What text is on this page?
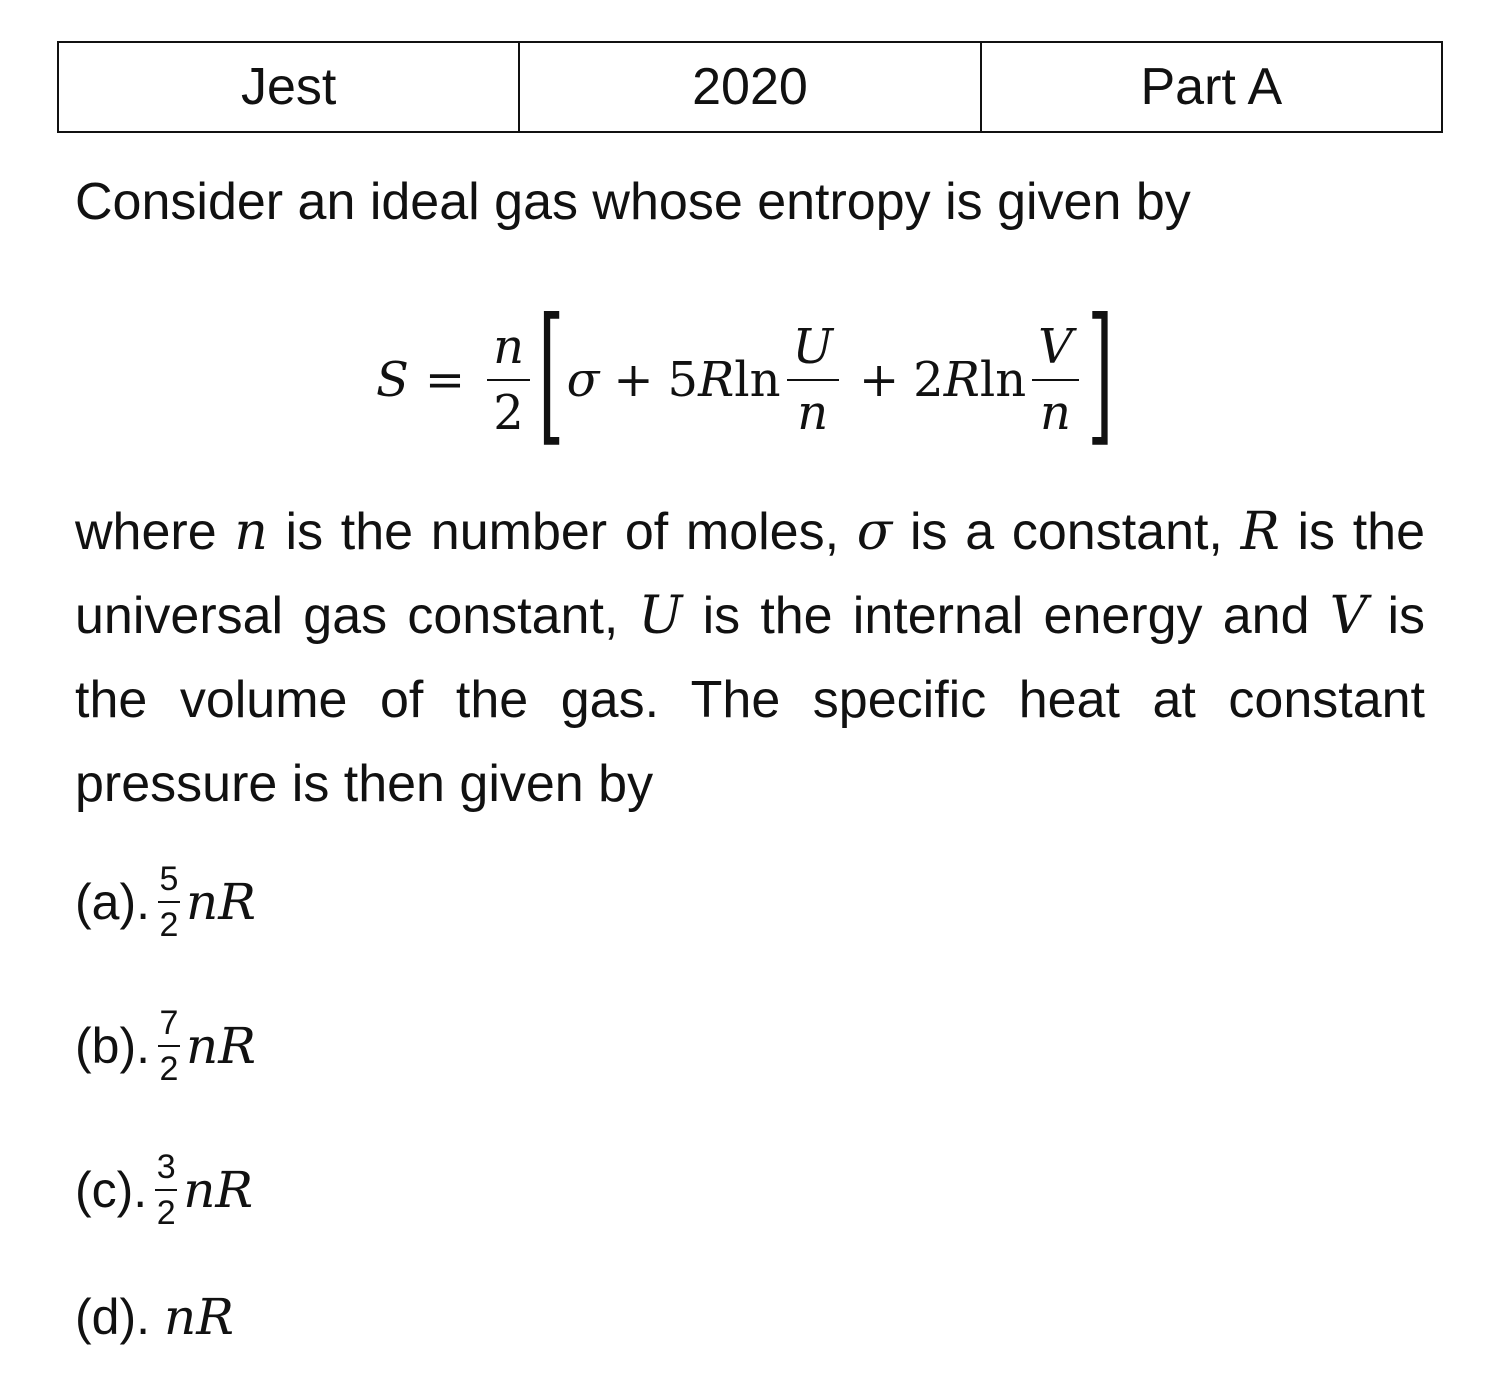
Jest	2020	Part A
Consider an ideal gas whose entropy is given by
$S = \frac{n}{2}$ [ σ + 5 R $\ln \frac{U}{n} + 2$ R $\ln \frac{V}{n}$ ]
where n is the number of moles, σ is a constant, R is the universal gas constant, U is the internal energy and V is the volume of the gas. The specific heat at constant pressure is then given by
(a). 5
2 nR
(b). 7
2 nR
(c). 3
2 nR
(d). nR
